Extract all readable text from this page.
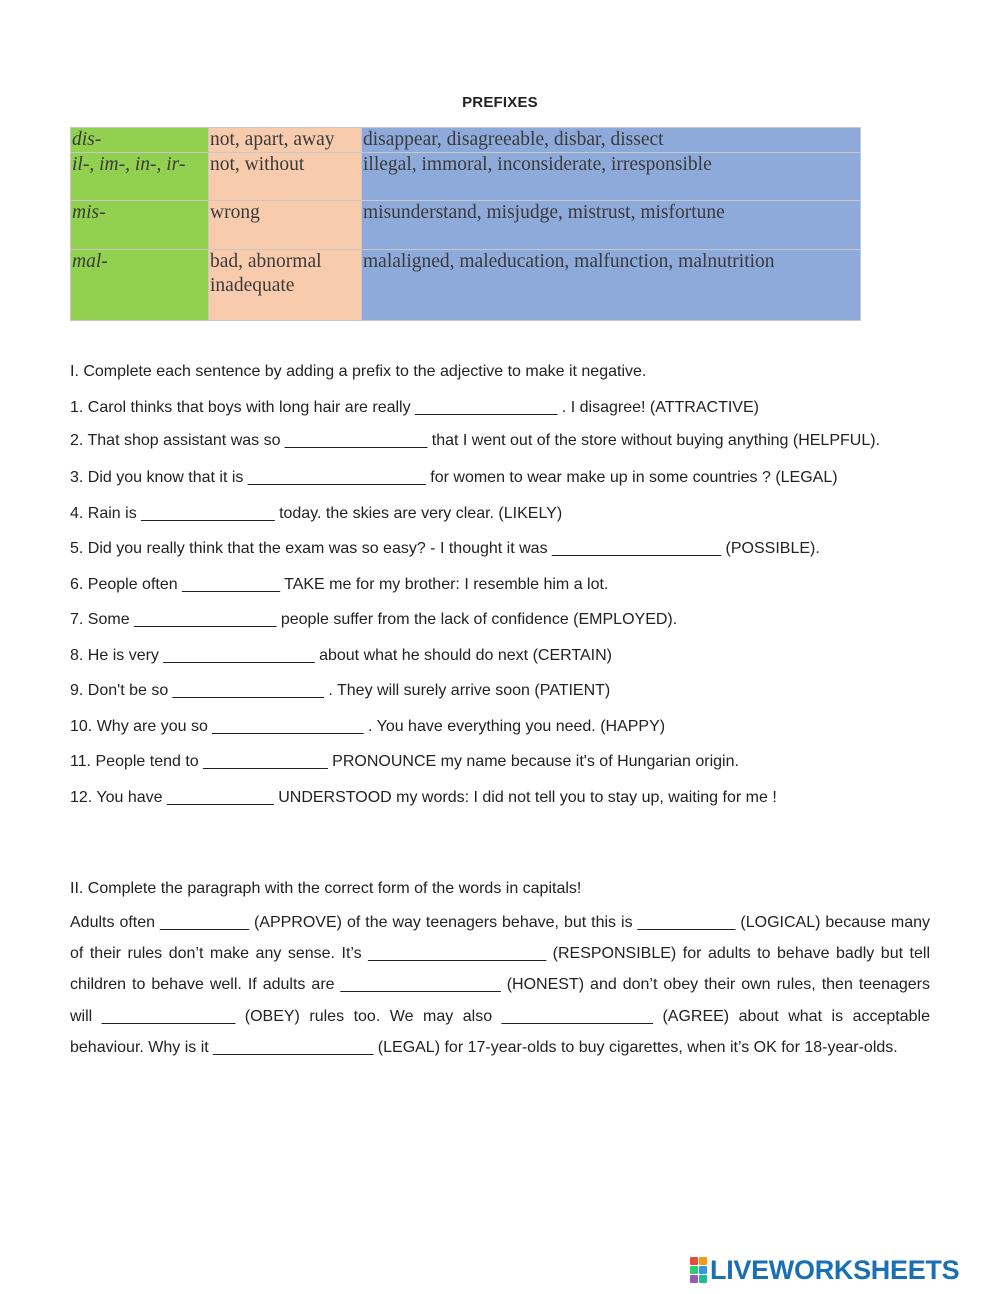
PREFIXES
dis-	not, apart, away	disappear, disagreeable, disbar, dissect
il-, im-, in-, ir-	not, without	illegal, immoral, inconsiderate, irresponsible
mis-	wrong	misunderstand, misjudge, mistrust, misfortune
mal-	bad, abnormal inadequate	malaligned, maleducation, malfunction, malnutrition

I. Complete each sentence by adding a prefix to the adjective to make it negative.

1. Carol thinks that boys with long hair are really ________________ . I disagree! (ATTRACTIVE)

2. That shop assistant was so ________________ that I went out of the store without buying anything (HELPFUL).

3. Did you know that it is ____________________ for women to wear make up in some countries ? (LEGAL)

4. Rain is _______________ today. the skies are very clear. (LIKELY)

5. Did you really think that the exam was so easy? - I thought it was ___________________ (POSSIBLE).

6. People often ___________ TAKE me for my brother: I resemble him a lot.

7. Some ________________ people suffer from the lack of confidence (EMPLOYED).

8. He is very _________________ about what he should do next (CERTAIN)

9. Don't be so _________________ . They will surely arrive soon (PATIENT)

10. Why are you so _________________ . You have everything you need. (HAPPY)

11. People tend to ______________ PRONOUNCE my name because it's of Hungarian origin.

12. You have ____________ UNDERSTOOD my words: I did not tell you to stay up, waiting for me !

II. Complete the paragraph with the correct form of the words in capitals!

Adults often __________ (APPROVE) of the way teenagers behave, but this is ___________ (LOGICAL) because many of their rules don’t make any sense. It’s ____________________ (RESPONSIBLE) for adults to behave badly but tell children to behave well. If adults are __________________ (HONEST) and don’t obey their own rules, then teenagers will _______________ (OBEY) rules too. We may also _________________ (AGREE) about what is acceptable behaviour. Why is it __________________ (LEGAL) for 17-year-olds to buy cigarettes, when it’s OK for 18-year-olds.

LIVEWORKSHEETS
